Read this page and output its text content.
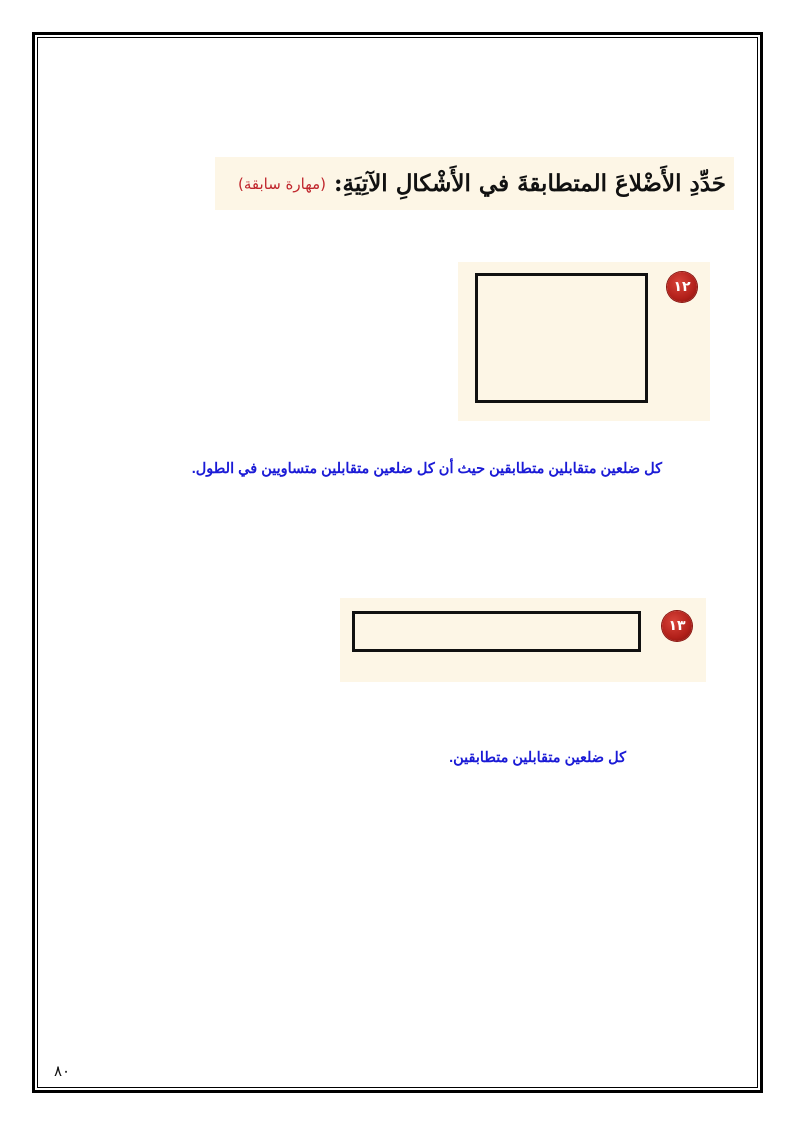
حَدِّدِ الأَضْلاعَ المتطابقةَ في الأَشْكالِ الآتِيَةِ:
(مهارة سابقة)
١٢
كل ضلعين متقابلين متطابقين حيث أن كل ضلعين متقابلين متساويين في الطول.
١٣
كل ضلعين متقابلين متطابقين.
٨٠
